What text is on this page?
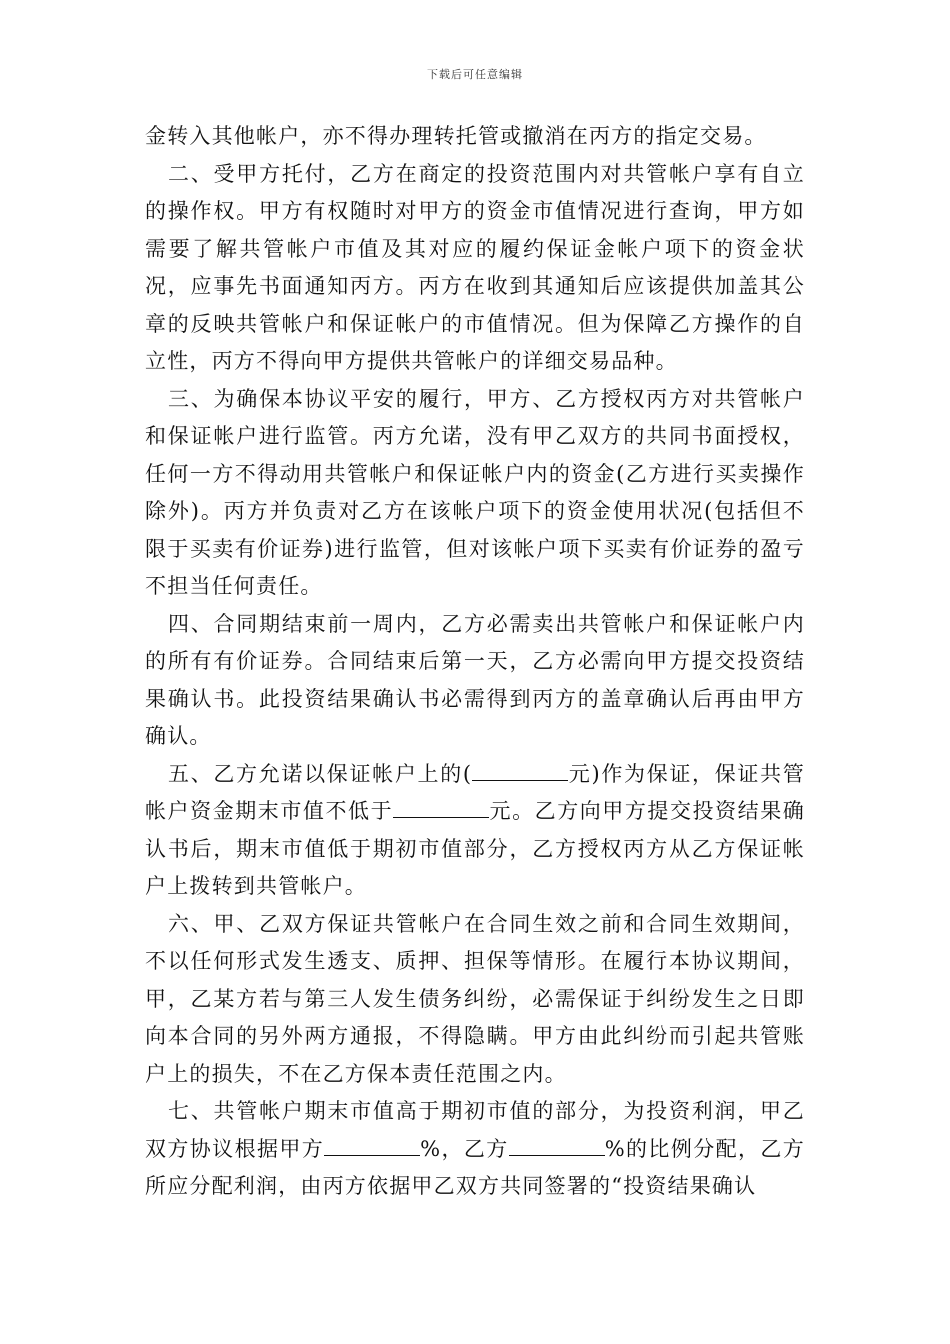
下载后可任意编辑

金转入其他帐户，亦不得办理转托管或撤消在丙方的指定交易。

二、受甲方托付，乙方在商定的投资范围内对共管帐户享有自立的操作权。甲方有权随时对甲方的资金市值情况进行查询，甲方如需要了解共管帐户市值及其对应的履约保证金帐户项下的资金状况，应事先书面通知丙方。丙方在收到其通知后应该提供加盖其公章的反映共管帐户和保证帐户的市值情况。但为保障乙方操作的自立性，丙方不得向甲方提供共管帐户的详细交易品种。

三、为确保本协议平安的履行，甲方、乙方授权丙方对共管帐户和保证帐户进行监管。丙方允诺，没有甲乙双方的共同书面授权，任何一方不得动用共管帐户和保证帐户内的资金(乙方进行买卖操作除外)。丙方并负责对乙方在该帐户项下的资金使用状况(包括但不限于买卖有价证券)进行监管，但对该帐户项下买卖有价证券的盈亏不担当任何责任。

四、合同期结束前一周内，乙方必需卖出共管帐户和保证帐户内的所有有价证券。合同结束后第一天，乙方必需向甲方提交投资结果确认书。此投资结果确认书必需得到丙方的盖章确认后再由甲方确认。

五、乙方允诺以保证帐户上的(	元)作为保证，保证共管帐户资金期末市值不低于	元。乙方向甲方提交投资结果确认书后，期末市值低于期初市值部分，乙方授权丙方从乙方保证帐户上拨转到共管帐户。

六、甲、乙双方保证共管帐户在合同生效之前和合同生效期间，不以任何形式发生透支、质押、担保等情形。在履行本协议期间，甲，乙某方若与第三人发生债务纠纷，必需保证于纠纷发生之日即向本合同的另外两方通报，不得隐瞒。甲方由此纠纷而引起共管账户上的损失，不在乙方保本责任范围之内。

七、共管帐户期末市值高于期初市值的部分，为投资利润，甲乙双方协议根据甲方	%，乙方	%的比例分配，乙方所应分配利润，由丙方依据甲乙双方共同签署的“投资结果确认
